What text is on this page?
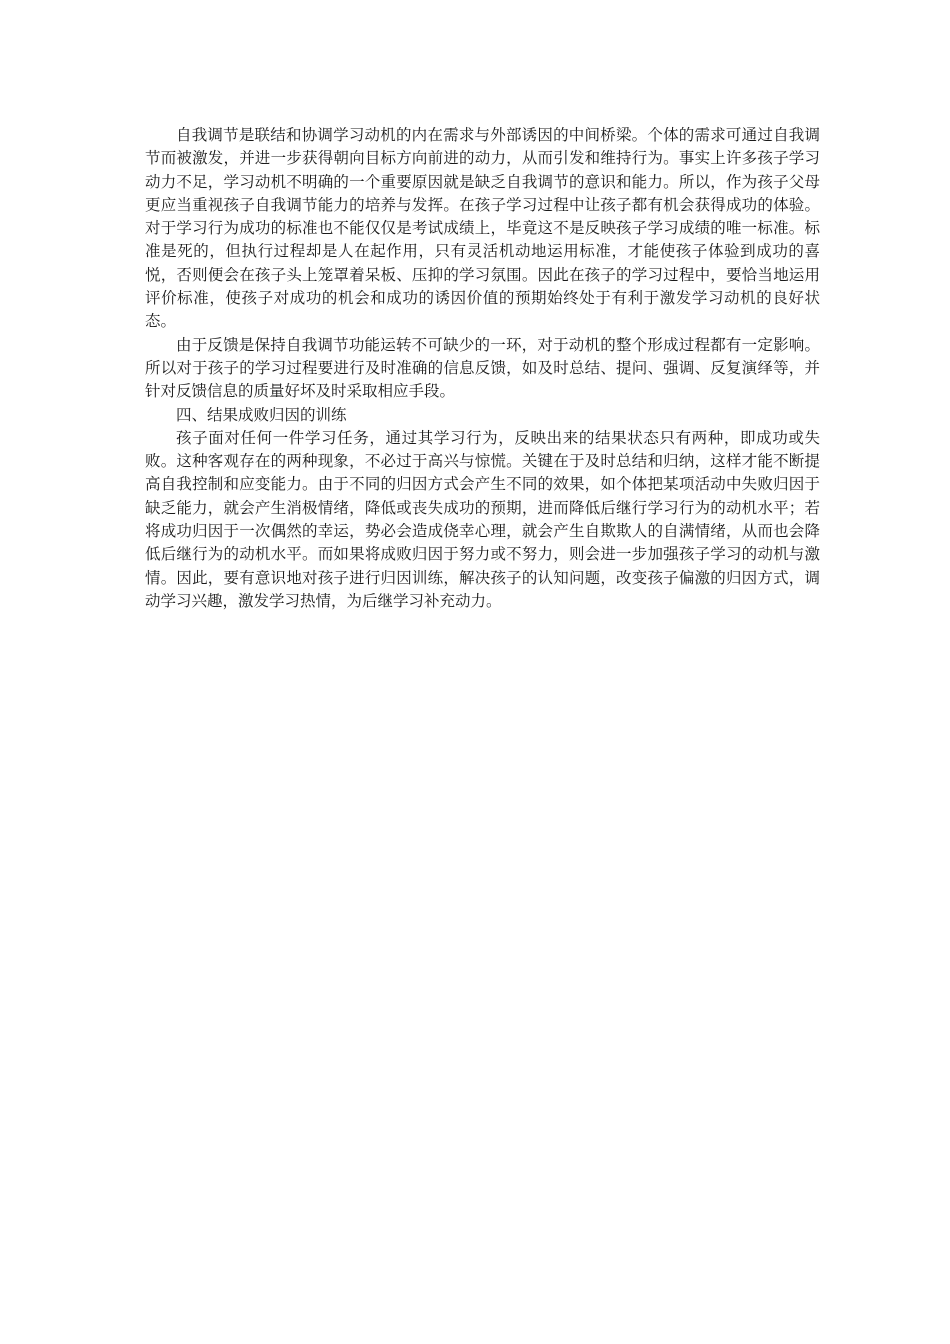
自我调节是联结和协调学习动机的内在需求与外部诱因的中间桥梁。个体的需求可通过自我调节而被激发，并进一步获得朝向目标方向前进的动力，从而引发和维持行为。事实上许多孩子学习动力不足，学习动机不明确的一个重要原因就是缺乏自我调节的意识和能力。所以，作为孩子父母更应当重视孩子自我调节能力的培养与发挥。在孩子学习过程中让孩子都有机会获得成功的体验。对于学习行为成功的标准也不能仅仅是考试成绩上，毕竟这不是反映孩子学习成绩的唯一标准。标准是死的，但执行过程却是人在起作用，只有灵活机动地运用标准，才能使孩子体验到成功的喜悦，否则便会在孩子头上笼罩着呆板、压抑的学习氛围。因此在孩子的学习过程中，要恰当地运用评价标准，使孩子对成功的机会和成功的诱因价值的预期始终处于有利于激发学习动机的良好状态。

由于反馈是保持自我调节功能运转不可缺少的一环，对于动机的整个形成过程都有一定影响。所以对于孩子的学习过程要进行及时准确的信息反馈，如及时总结、提问、强调、反复演绎等，并针对反馈信息的质量好坏及时采取相应手段。

四、结果成败归因的训练

孩子面对任何一件学习任务，通过其学习行为，反映出来的结果状态只有两种，即成功或失败。这种客观存在的两种现象，不必过于高兴与惊慌。关键在于及时总结和归纳，这样才能不断提高自我控制和应变能力。由于不同的归因方式会产生不同的效果，如个体把某项活动中失败归因于缺乏能力，就会产生消极情绪，降低或丧失成功的预期，进而降低后继行学习行为的动机水平；若将成功归因于一次偶然的幸运，势必会造成侥幸心理，就会产生自欺欺人的自满情绪，从而也会降低后继行为的动机水平。而如果将成败归因于努力或不努力，则会进一步加强孩子学习的动机与激情。因此，要有意识地对孩子进行归因训练，解决孩子的认知问题，改变孩子偏激的归因方式，调动学习兴趣，激发学习热情，为后继学习补充动力。
